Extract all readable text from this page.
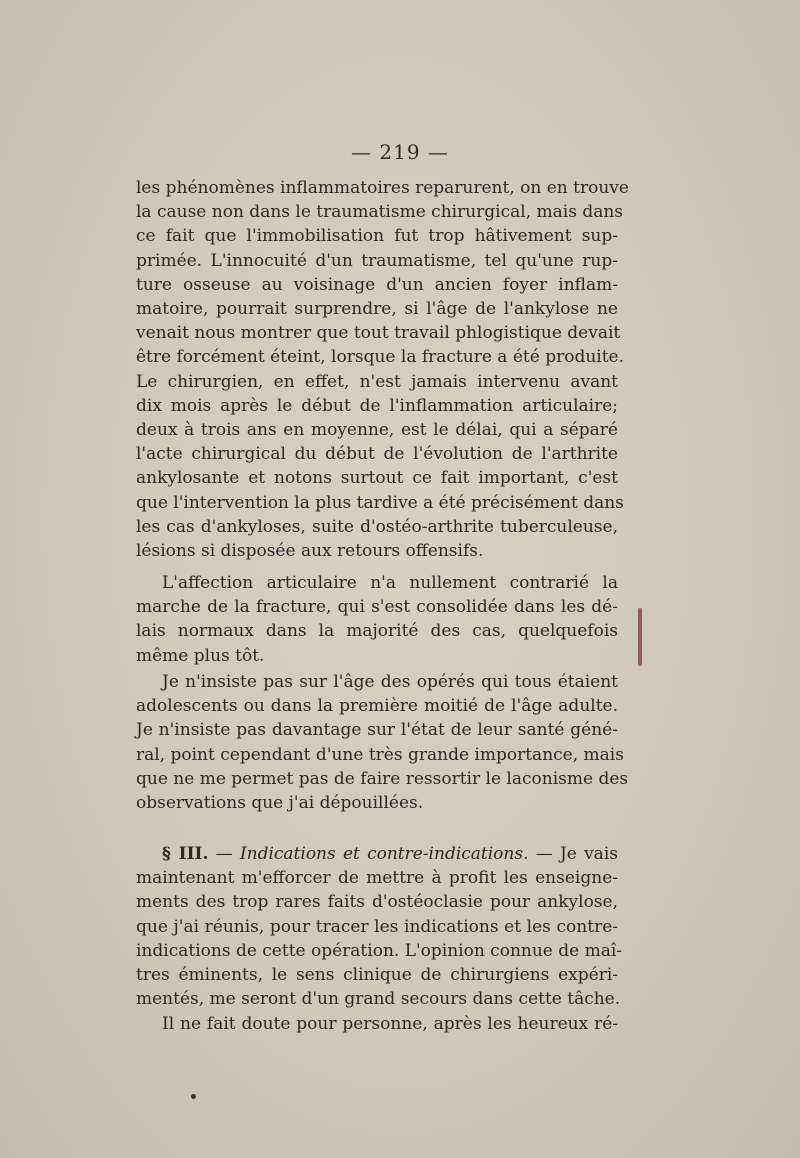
— 219 —
les phénomènes inflammatoires reparurent, on en trouve
la cause non dans le traumatisme chirurgical, mais dans
ce fait que l'immobilisation fut trop hâtivement sup-
primée. L'innocuité d'un traumatisme, tel qu'une rup-
ture osseuse au voisinage d'un ancien foyer inflam-
matoire, pourrait surprendre, si l'âge de l'ankylose ne
venait nous montrer que tout travail phlogistique devait
être forcément éteint, lorsque la fracture a été produite.
Le chirurgien, en effet, n'est jamais intervenu avant
dix mois après le début de l'inflammation articulaire;
deux à trois ans en moyenne, est le délai, qui a séparé
l'acte chirurgical du début de l'évolution de l'arthrite
ankylosante et notons surtout ce fait important, c'est
que l'intervention la plus tardive a été précisément dans
les cas d'ankyloses, suite d'ostéo-arthrite tuberculeuse,
lésions si disposée aux retours offensifs.
L'affection articulaire n'a nullement contrarié la
marche de la fracture, qui s'est consolidée dans les dé-
lais normaux dans la majorité des cas, quelquefois
même plus tôt.
Je n'insiste pas sur l'âge des opérés qui tous étaient
adolescents ou dans la première moitié de l'âge adulte.
Je n'insiste pas davantage sur l'état de leur santé géné-
ral, point cependant d'une très grande importance, mais
que ne me permet pas de faire ressortir le laconisme des
observations que j'ai dépouillées.
§ III. — Indications et contre-indications. — Je vais
maintenant m'efforcer de mettre à profit les enseigne-
ments des trop rares faits d'ostéoclasie pour ankylose,
que j'ai réunis, pour tracer les indications et les contre-
indications de cette opération. L'opinion connue de maî-
tres éminents, le sens clinique de chirurgiens expéri-
mentés, me seront d'un grand secours dans cette tâche.
Il ne fait doute pour personne, après les heureux ré-
